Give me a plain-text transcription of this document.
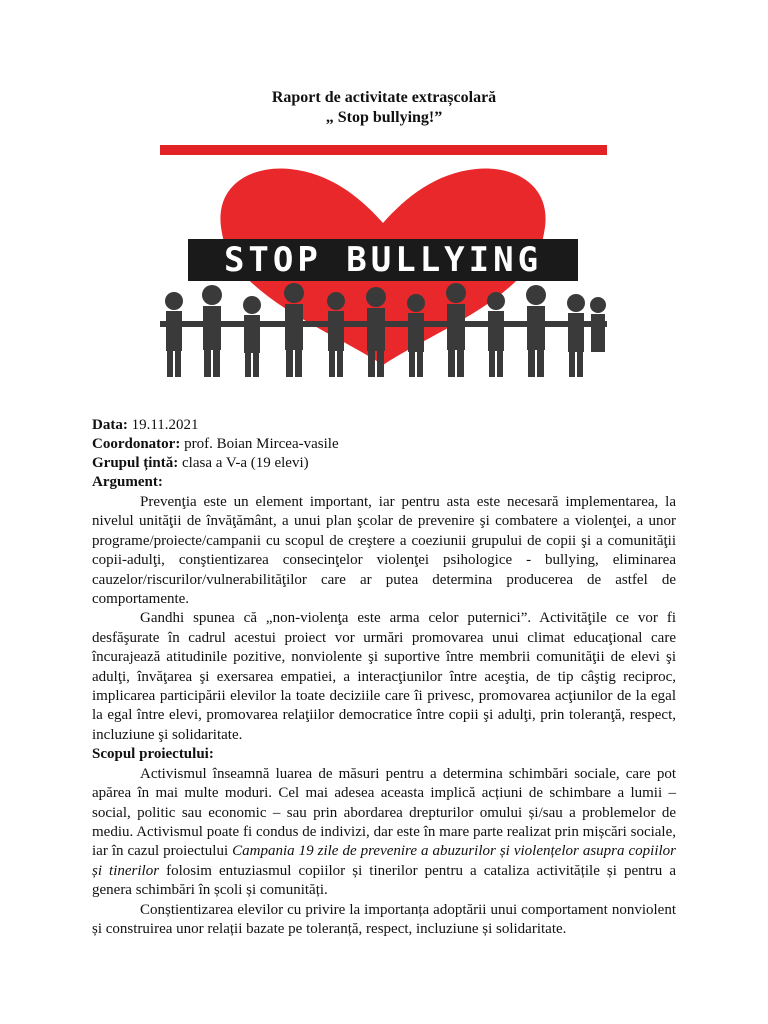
Raport de activitate extrașcolară
„ Stop bullying!”
STOP BULLYING
Data: 19.11.2021
Coordonator: prof. Boian Mircea-vasile
Grupul țintă: clasa a V-a (19 elevi)
Argument:

Prevenţia este un element important, iar pentru asta este necesară implementarea, la nivelul unităţii de învăţământ, a unui plan şcolar de prevenire şi combatere a violenţei, a unor programe/proiecte/campanii cu scopul de creştere a coeziunii grupului de copii şi a comunităţii copii-adulţi, conştientizarea consecinţelor violenţei psihologice - bullying, eliminarea cauzelor/riscurilor/vulnerabilităţilor care ar putea determina producerea de astfel de comportamente.

Gandhi spunea că „non-violenţa este arma celor puternici”. Activităţile ce vor fi desfăşurate în cadrul acestui proiect vor urmări promovarea unui climat educaţional care încurajează atitudinile pozitive, nonviolente şi suportive între membrii comunităţii de elevi şi adulţi, învăţarea şi exersarea empatiei, a interacţiunilor între aceştia, de tip câştig reciproc, implicarea participării elevilor la toate deciziile care îi privesc, promovarea acţiunilor de la egal la egal între elevi, promovarea relaţiilor democratice între copii şi adulţi, prin toleranţă, respect, incluziune şi solidaritate.

Scopul proiectului:

Activismul înseamnă luarea de măsuri pentru a determina schimbări sociale, care pot apărea în mai multe moduri. Cel mai adesea aceasta implică acțiuni de schimbare a lumii – social, politic sau economic – sau prin abordarea drepturilor omului și/sau a problemelor de mediu. Activismul poate fi condus de indivizi, dar este în mare parte realizat prin mișcări sociale, iar în cazul proiectului Campania 19 zile de prevenire a abuzurilor și violențelor asupra copiilor și tinerilor folosim entuziasmul copiilor și tinerilor pentru a cataliza activitățile și pentru a genera schimbări în școli și comunități.

Conștientizarea elevilor cu privire la importanța adoptării unui comportament nonviolent și construirea unor relații bazate pe toleranță, respect, incluziune și solidaritate.
